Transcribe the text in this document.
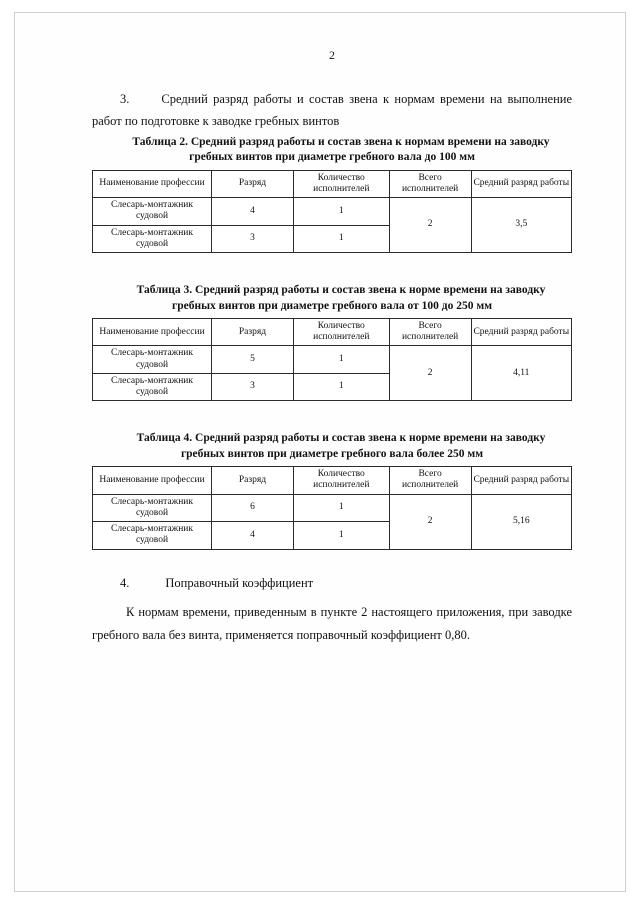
2
3.	Средний разряд работы и состав звена к нормам времени на выполнение работ по подготовке к заводке гребных винтов
Таблица 2. Средний разряд работы и состав звена к нормам времени на заводку
гребных винтов при диаметре гребного вала до 100 мм
Наименование профессии	Разряд	Количество исполнителей	Всего исполнителей	Средний разряд работы
Слесарь-монтажник судовой	4	1	2	3,5
Слесарь-монтажник судовой	3	1		
Таблица 3. Средний разряд работы и состав звена к норме времени на заводку
гребных винтов при диаметре гребного вала от 100 до 250 мм
Наименование профессии	Разряд	Количество исполнителей	Всего исполнителей	Средний разряд работы
Слесарь-монтажник судовой	5	1	2	4,11
Слесарь-монтажник судовой	3	1		
Таблица 4. Средний разряд работы и состав звена к норме времени на заводку
гребных винтов при диаметре гребного вала более 250 мм
Наименование профессии	Разряд	Количество исполнителей	Всего исполнителей	Средний разряд работы
Слесарь-монтажник судовой	6	1	2	5,16
Слесарь-монтажник судовой	4	1		
4.	Поправочный коэффициент
К нормам времени, приведенным в пункте 2 настоящего приложения, при заводке гребного вала без винта, применяется поправочный коэффициент 0,80.
